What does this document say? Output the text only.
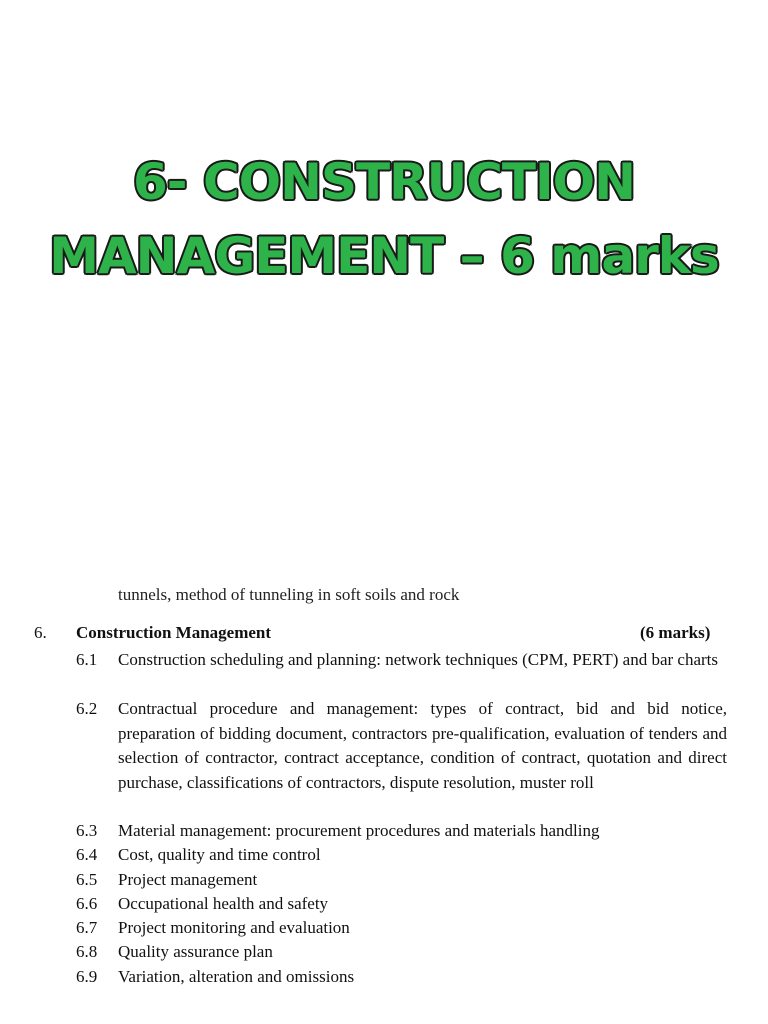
6- CONSTRUCTION
MANAGEMENT – 6 marks
tunnels, method of tunneling in soft soils and rock
6. Construction Management	(6 marks)
6.1 Construction scheduling and planning: network techniques (CPM, PERT) and bar charts
6.2 Contractual procedure and management: types of contract, bid and bid notice, preparation of bidding document, contractors pre-qualification, evaluation of tenders and selection of contractor, contract acceptance, condition of contract, quotation and direct purchase, classifications of contractors, dispute resolution, muster roll
6.3 Material management: procurement procedures and materials handling
6.4 Cost, quality and time control
6.5 Project management
6.6 Occupational health and safety
6.7 Project monitoring and evaluation
6.8 Quality assurance plan
6.9 Variation, alteration and omissions
